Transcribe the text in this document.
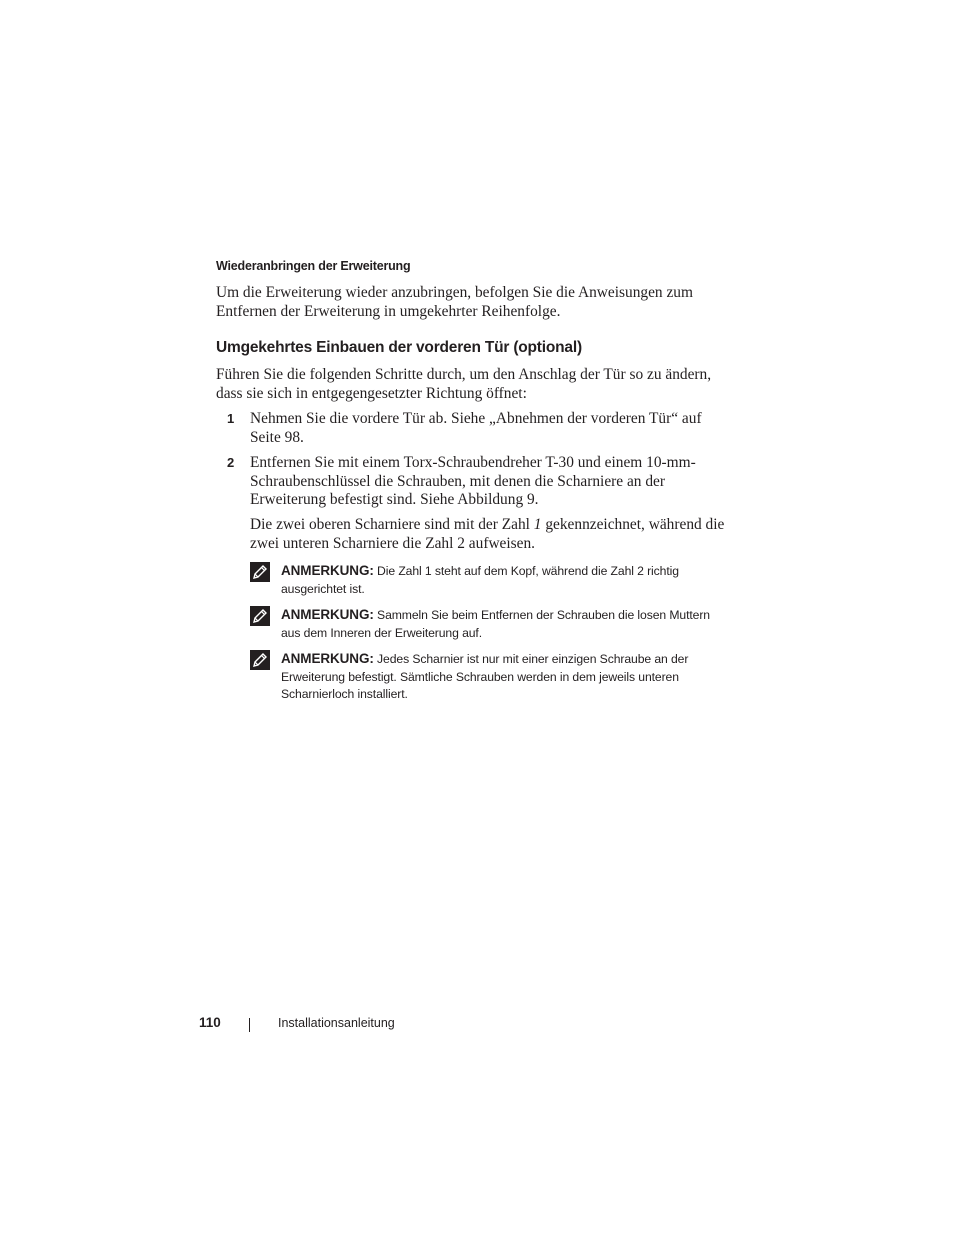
Wiederanbringen der Erweiterung
Um die Erweiterung wieder anzubringen, befolgen Sie die Anweisungen zum Entfernen der Erweiterung in umgekehrter Reihenfolge.
Umgekehrtes Einbauen der vorderen Tür (optional)
Führen Sie die folgenden Schritte durch, um den Anschlag der Tür so zu ändern, dass sie sich in entgegengesetzter Richtung öffnet:
1 Nehmen Sie die vordere Tür ab. Siehe „Abnehmen der vorderen Tür“ auf Seite 98.
2 Entfernen Sie mit einem Torx-Schraubendreher T-30 und einem 10-mm-Schraubenschlüssel die Schrauben, mit denen die Scharniere an der Erweiterung befestigt sind. Siehe Abbildung 9.
Die zwei oberen Scharniere sind mit der Zahl 1 gekennzeichnet, während die zwei unteren Scharniere die Zahl 2 aufweisen.
ANMERKUNG: Die Zahl 1 steht auf dem Kopf, während die Zahl 2 richtig ausgerichtet ist.
ANMERKUNG: Sammeln Sie beim Entfernen der Schrauben die losen Muttern aus dem Inneren der Erweiterung auf.
ANMERKUNG: Jedes Scharnier ist nur mit einer einzigen Schraube an der Erweiterung befestigt. Sämtliche Schrauben werden in dem jeweils unteren Scharnierloch installiert.
110	Installationsanleitung
